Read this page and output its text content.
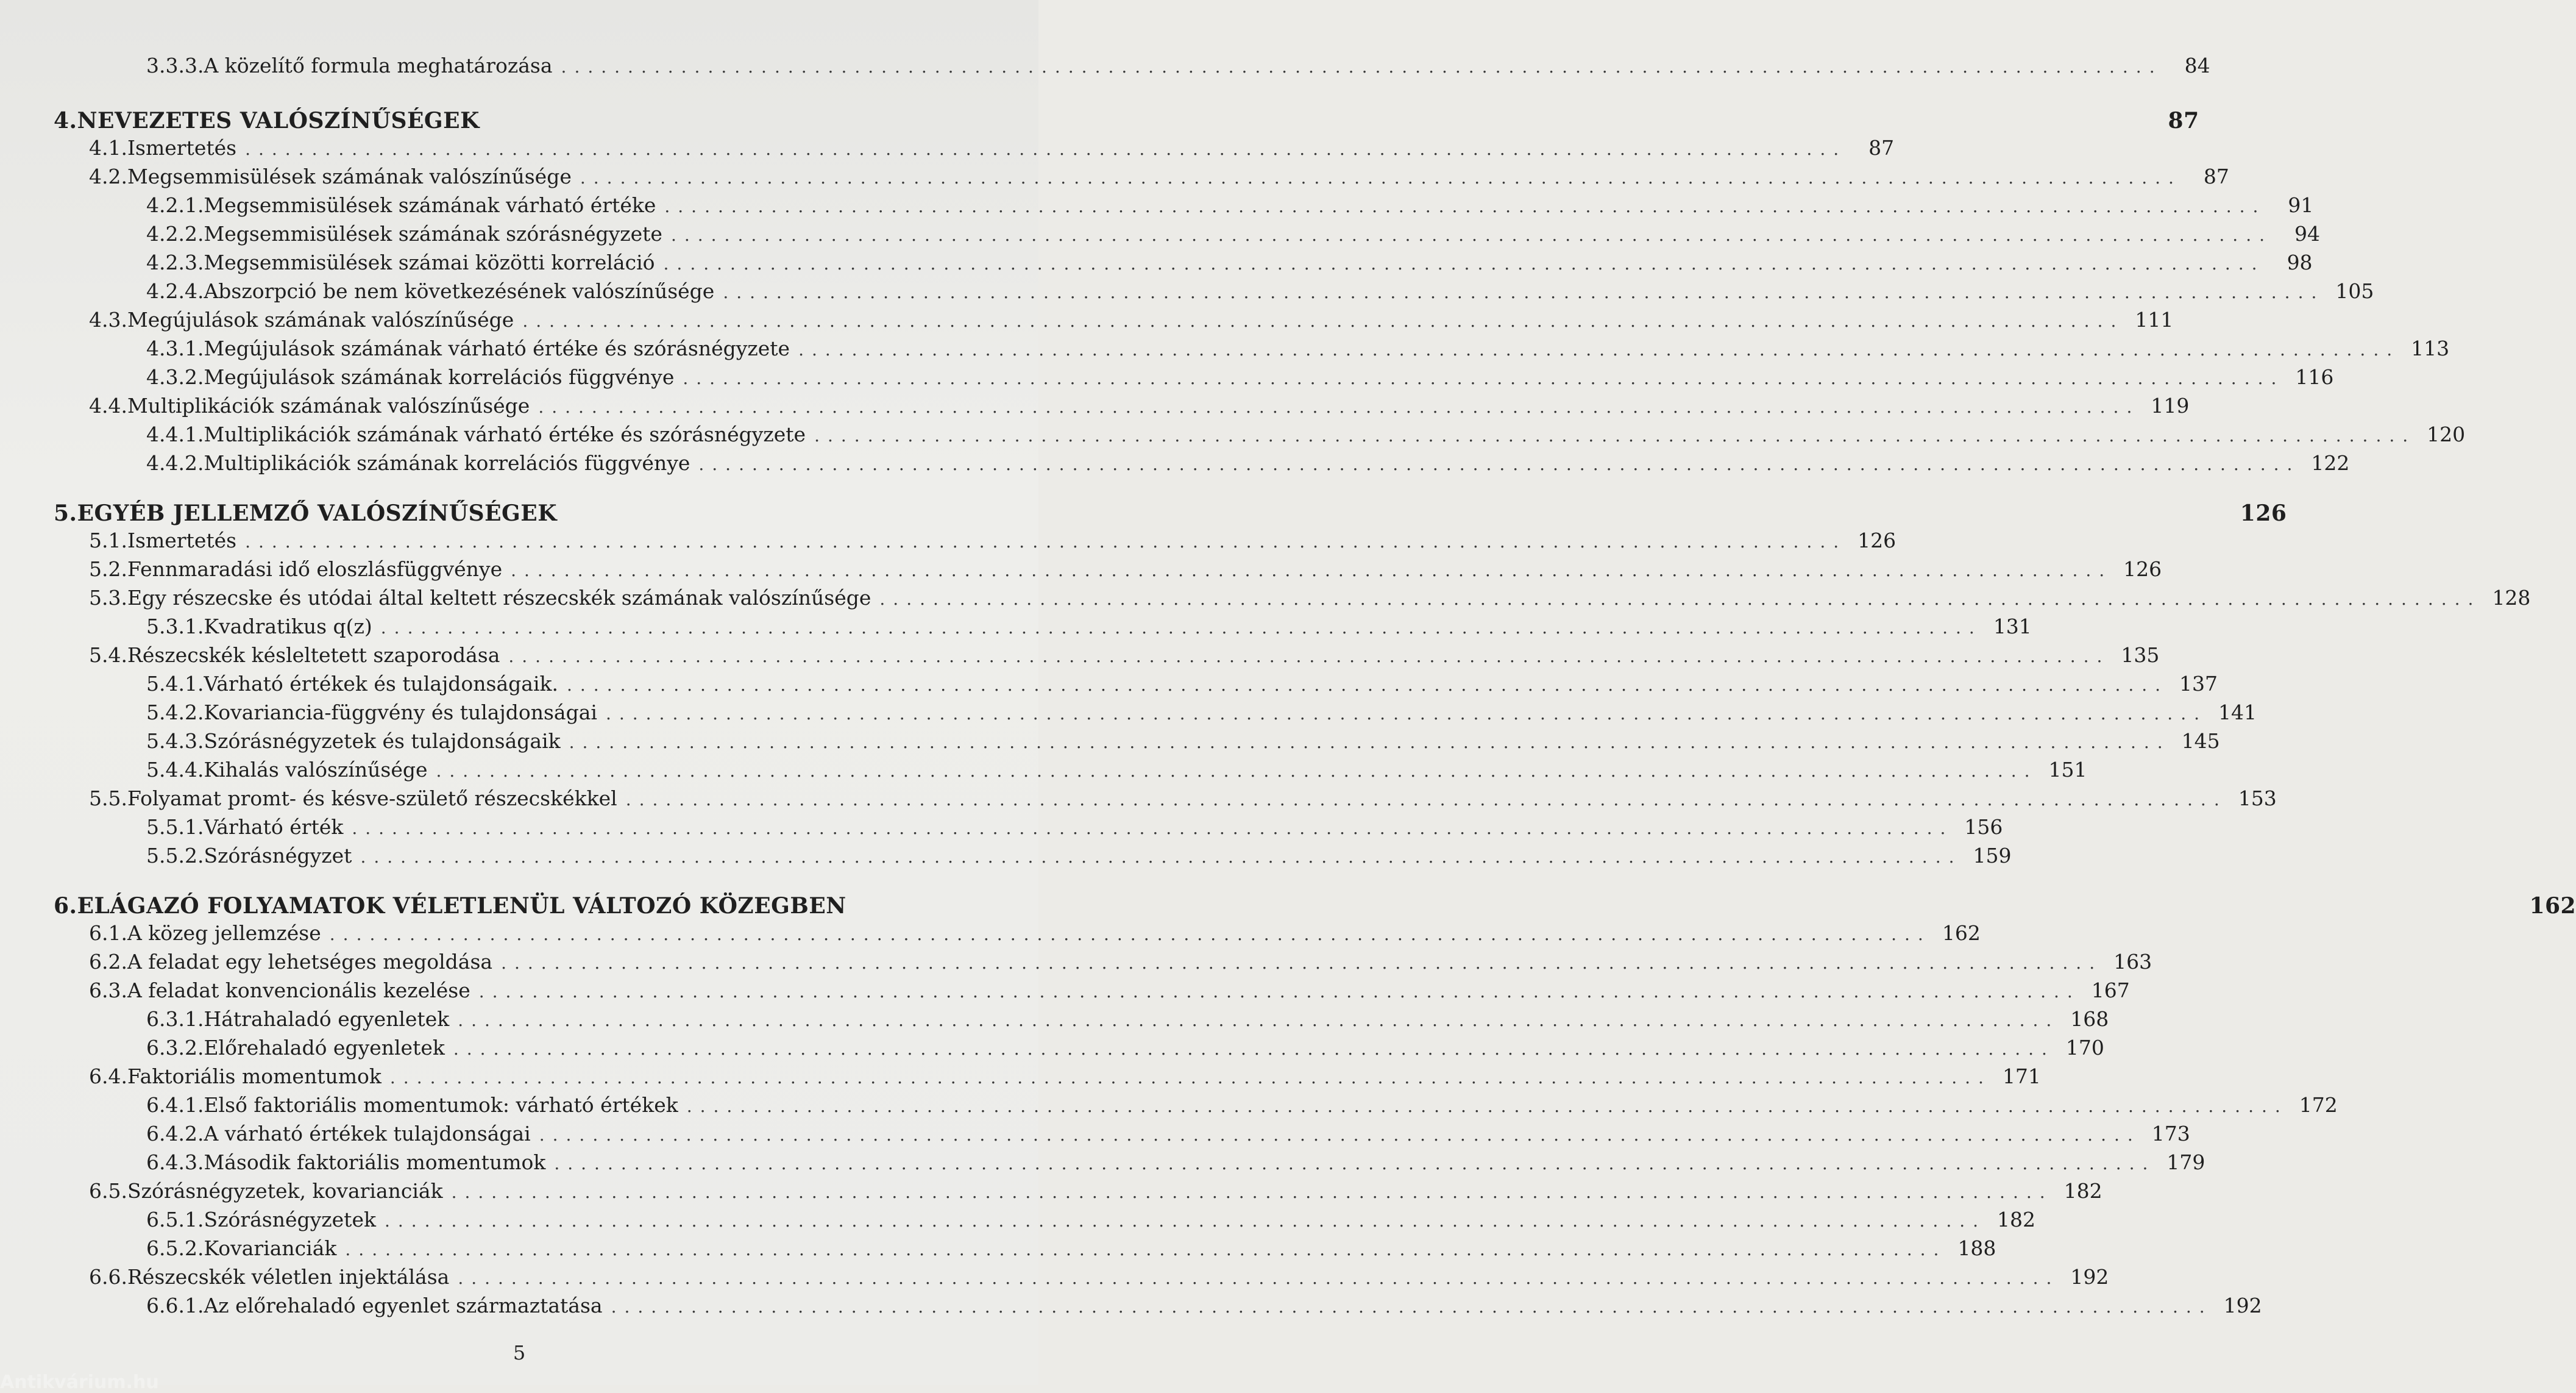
3.3.3. A közelítő formula meghatározása ........................................................................................................................	84
4. NEVEZETES VALÓSZÍNŰSÉGEK	87
4.1. Ismertetés ........................................................................................................................	87
4.2. Megsemmisülések számának valószínűsége ........................................................................................................................	87
4.2.1. Megsemmisülések számának várható értéke ........................................................................................................................	91
4.2.2. Megsemmisülések számának szórásnégyzete ........................................................................................................................	94
4.2.3. Megsemmisülések számai közötti korreláció ........................................................................................................................	98
4.2.4. Abszorpció be nem következésének valószínűsége ........................................................................................................................ 105
4.3. Megújulások számának valószínűsége ........................................................................................................................ 111
4.3.1. Megújulások számának várható értéke és szórásnégyzete ........................................................................................................................ 113
4.3.2. Megújulások számának korrelációs függvénye ........................................................................................................................ 116
4.4. Multiplikációk számának valószínűsége ........................................................................................................................ 119
4.4.1. Multiplikációk számának várható értéke és szórásnégyzete ........................................................................................................................ 120
4.4.2. Multiplikációk számának korrelációs függvénye ........................................................................................................................ 122
5. EGYÉB JELLEMZŐ VALÓSZÍNŰSÉGEK	126
5.1. Ismertetés ........................................................................................................................ 126
5.2. Fennmaradási idő eloszlásfüggvénye ........................................................................................................................ 126
5.3. Egy részecske és utódai által keltett részecskék számának valószínűsége ........................................................................................................................ 128
5.3.1. Kvadratikus q(z) ........................................................................................................................ 131
5.4. Részecskék késleltetett szaporodása ........................................................................................................................ 135
5.4.1. Várható értékek és tulajdonságaik. ........................................................................................................................ 137
5.4.2. Kovariancia-függvény és tulajdonságai ........................................................................................................................ 141
5.4.3. Szórásnégyzetek és tulajdonságaik ........................................................................................................................ 145
5.4.4. Kihalás valószínűsége ........................................................................................................................ 151
5.5. Folyamat promt- és késve-születő részecskékkel ........................................................................................................................ 153
5.5.1. Várható érték ........................................................................................................................ 156
5.5.2. Szórásnégyzet ........................................................................................................................ 159
6. ELÁGAZÓ FOLYAMATOK VÉLETLENÜL VÁLTOZÓ KÖZEGBEN	162
6.1. A közeg jellemzése ........................................................................................................................ 162
6.2. A feladat egy lehetséges megoldása ........................................................................................................................ 163
6.3. A feladat konvencionális kezelése ........................................................................................................................ 167
6.3.1. Hátrahaladó egyenletek ........................................................................................................................ 168
6.3.2. Előrehaladó egyenletek ........................................................................................................................ 170
6.4. Faktoriális momentumok ........................................................................................................................ 171
6.4.1. Első faktoriális momentumok: várható értékek ........................................................................................................................ 172
6.4.2. A várható értékek tulajdonságai ........................................................................................................................ 173
6.4.3. Második faktoriális momentumok ........................................................................................................................ 179
6.5. Szórásnégyzetek, kovarianciák ........................................................................................................................ 182
6.5.1. Szórásnégyzetek ........................................................................................................................ 182
6.5.2. Kovarianciák ........................................................................................................................ 188
6.6. Részecskék véletlen injektálása ........................................................................................................................ 192
6.6.1. Az előrehaladó egyenlet származtatása ........................................................................................................................ 192
5
Antikvárium.hu
